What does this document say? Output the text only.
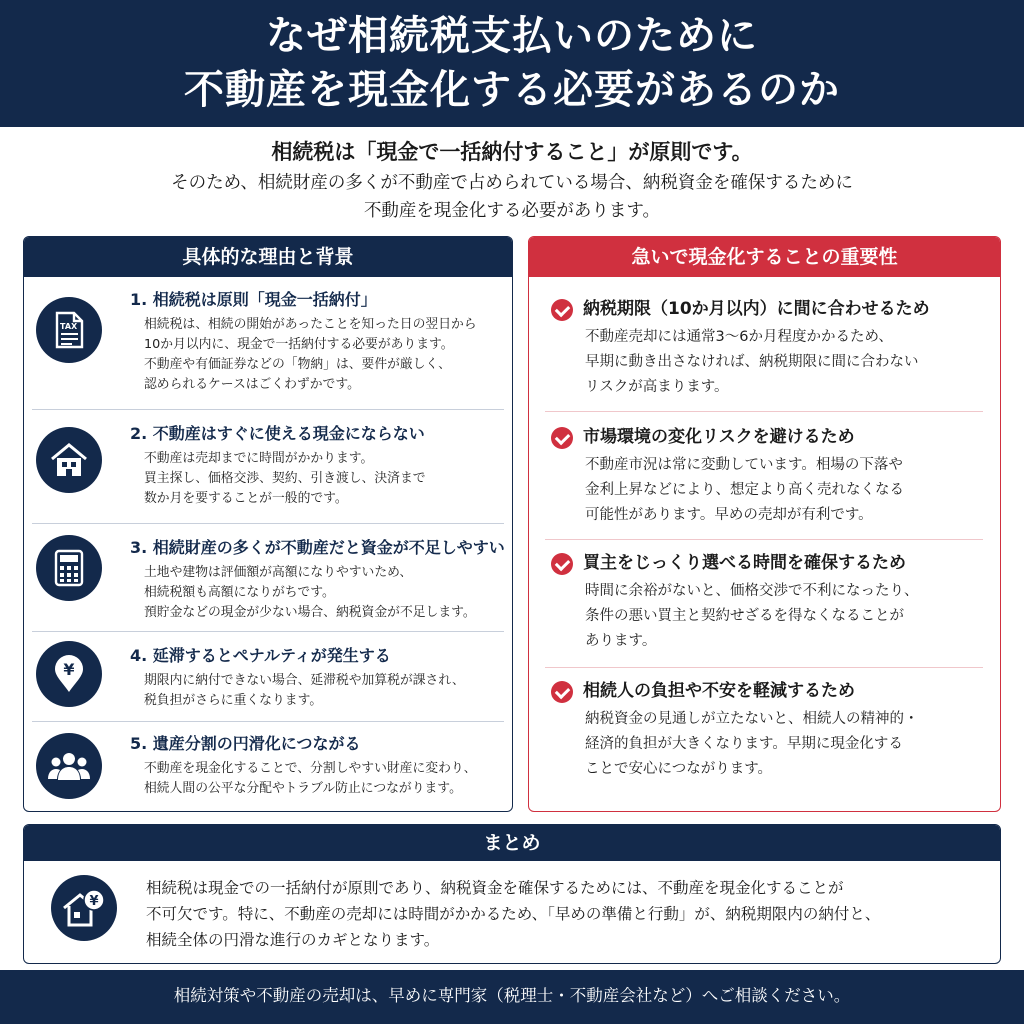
なぜ相続税支払いのために
不動産を現金化する必要があるのか
相続税は「現金で一括納付すること」が原則です。
そのため、相続財産の多くが不動産で占められている場合、納税資金を確保するために
不動産を現金化する必要があります。
具体的な理由と背景
TAX
1. 相続税は原則「現金一括納付」
相続税は、相続の開始があったことを知った日の翌日から
10か月以内に、現金で一括納付する必要があります。
不動産や有価証券などの「物納」は、要件が厳しく、
認められるケースはごくわずかです。
2. 不動産はすぐに使える現金にならない
不動産は売却までに時間がかかります。
買主探し、価格交渉、契約、引き渡し、決済まで
数か月を要することが一般的です。
3. 相続財産の多くが不動産だと資金が不足しやすい
土地や建物は評価額が高額になりやすいため、
相続税額も高額になりがちです。
預貯金などの現金が少ない場合、納税資金が不足します。
¥
4. 延滞するとペナルティが発生する
期限内に納付できない場合、延滞税や加算税が課され、
税負担がさらに重くなります。
5. 遺産分割の円滑化につながる
不動産を現金化することで、分割しやすい財産に変わり、
相続人間の公平な分配やトラブル防止につながります。
急いで現金化することの重要性
納税期限（10か月以内）に間に合わせるため
不動産売却には通常3〜6か月程度かかるため、
早期に動き出さなければ、納税期限に間に合わない
リスクが高まります。
市場環境の変化リスクを避けるため
不動産市況は常に変動しています。相場の下落や
金利上昇などにより、想定より高く売れなくなる
可能性があります。早めの売却が有利です。
買主をじっくり選べる時間を確保するため
時間に余裕がないと、価格交渉で不利になったり、
条件の悪い買主と契約せざるを得なくなることが
あります。
相続人の負担や不安を軽減するため
納税資金の見通しが立たないと、相続人の精神的・
経済的負担が大きくなります。早期に現金化する
ことで安心につながります。
まとめ
¥
相続税は現金での一括納付が原則であり、納税資金を確保するためには、不動産を現金化することが
不可欠です。特に、不動産の売却には時間がかかるため、「早めの準備と行動」が、納税期限内の納付と、
相続全体の円滑な進行のカギとなります。
相続対策や不動産の売却は、早めに専門家（税理士・不動産会社など）へご相談ください。
